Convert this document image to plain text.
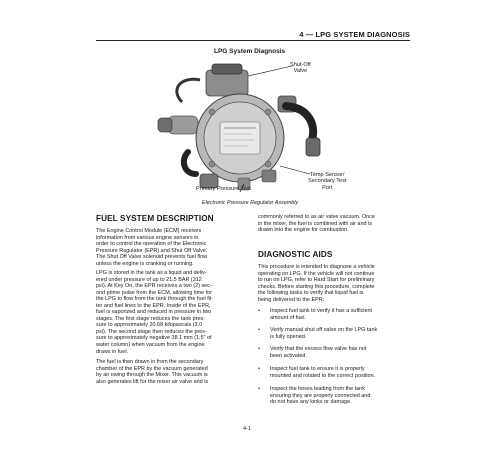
4 — LPG SYSTEM DIAGNOSIS
LPG System Diagnosis
Shut-Off
Valve
Temp Sensor/
Secondary Test
Port
Primary Pressure Test
Electronic Pressure Regulator Assembly
FUEL SYSTEM DESCRIPTION
The Engine Control Module (ECM) receives
information from various engine sensors in
order to control the operation of the Electronic
Pressure Regulator (EPR) and Shut Off Valve.
The Shut Off Valve solenoid prevents fuel flow
unless the engine is cranking or running.
LPG is stored in the tank as a liquid and deliv-
ered under pressure of up to 21.5 BAR (312
psi). At Key On, the EPR receives a two (2) sec-
ond prime pulse from the ECM, allowing time for
the LPG to flow from the tank through the fuel fil-
ter and fuel lines to the EPR. Inside of the EPR,
fuel is vaporized and reduced in pressure in two
stages. The first stage reduces the tank pres-
sure to approximately 20.68 kilopascals (3.0
psi). The second stage then reduces the pres-
sure to approximately negative 38.1 mm (1.5" of
water column) when vacuum from the engine
draws in fuel.
The fuel is then drawn in from the secondary
chamber of the EPR by the vacuum generated
by air owing through the Mixer. This vacuum is
also generates lift for the mixer air valve and is
commonly referred to as air valve vacuum. Once
in the mixer, the fuel is combined with air and is
drawn into the engine for combustion.
DIAGNOSTIC AIDS
This procedure is intended to diagnose a vehicle
operating on LPG. If the vehicle will not continue
to run on LPG, refer to Hard Start for preliminary
checks. Before starting this procedure, complete
the following tasks to verify that liquid fuel is
being delivered to the EPR:
• Inspect fuel tank to verify it has a sufficient
amount of fuel.
• Verify manual shut off valve on the LPG tank
is fully opened.
• Verify that the excess flow valve has not
been activated.
• Inspect fuel tank to ensure it is properly
mounted and rotated to the correct position.
• Inspect the hoses leading from the tank
ensuring they are properly connected and
do not have any kinks or damage.
4-1
